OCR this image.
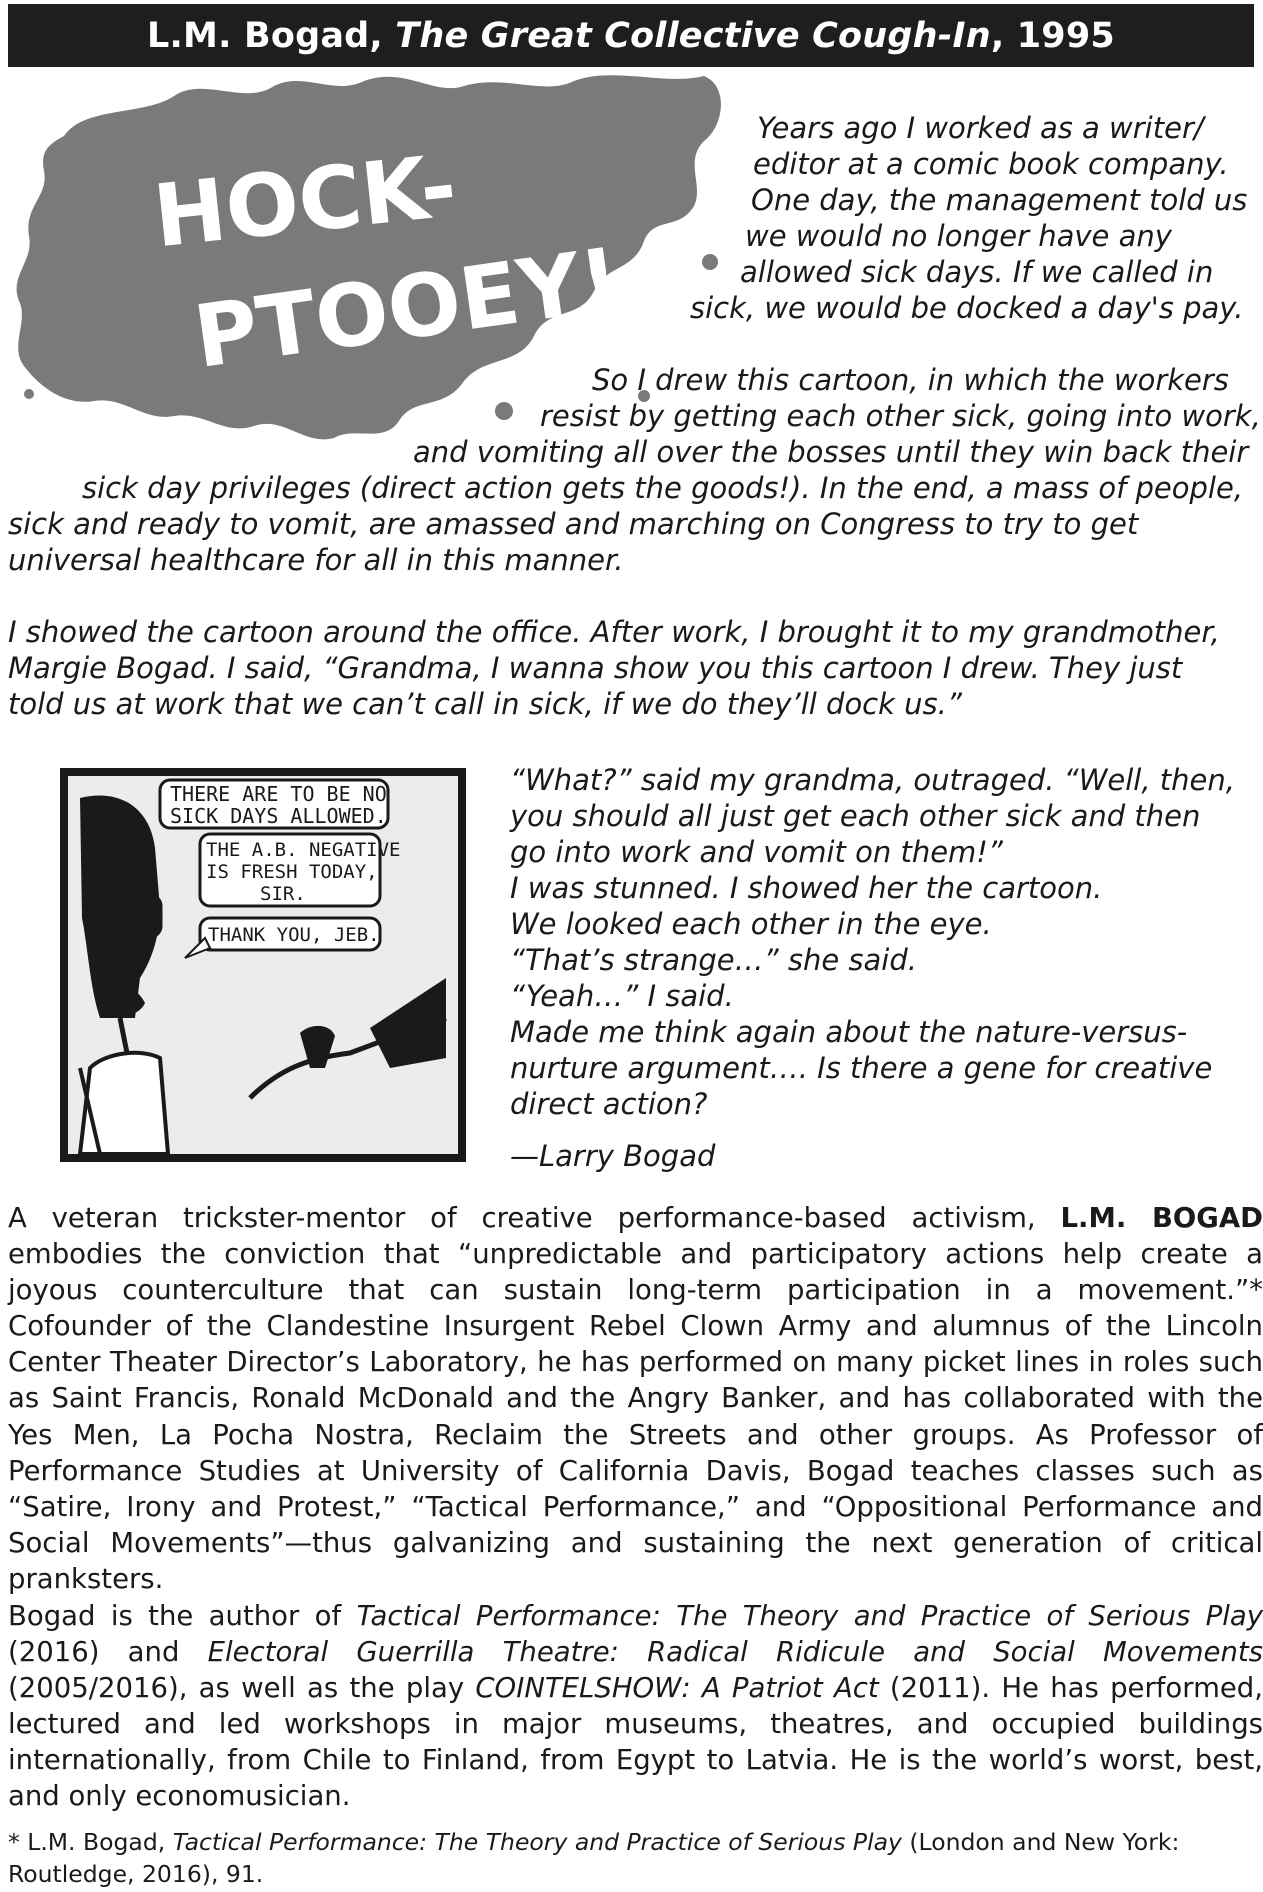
L.M. Bogad,
The Great Collective Cough-In , 1995
HOCK-
PTOOEY!
Years ago I worked as a writer/
editor at a comic book company.
One day, the management told us
we would no longer have any
allowed sick days. If we called in
sick, we would be docked a day's pay.
So I drew this cartoon, in which the workers
resist by getting each other sick, going into work,
and vomiting all over the bosses until they win back their
sick day privileges (direct action gets the goods!). In the end, a mass of people,
sick and ready to vomit, are amassed and marching on Congress to try to get
universal healthcare for all in this manner.
I showed the cartoon around the office. After work, I brought it to my grandmother,
Margie Bogad. I said, “Grandma, I wanna show you this cartoon I drew. They just
told us at work that we can’t call in sick, if we do they’ll dock us.”
THERE ARE TO BE NO
SICK DAYS ALLOWED.
THE A.B. NEGATIVE
IS FRESH TODAY,
SIR.
THANK YOU, JEB.
“What?” said my grandma, outraged. “Well, then,
you should all just get each other sick and then
go into work and vomit on them!”
I was stunned. I showed her the cartoon.
We looked each other in the eye.
“That’s strange…” she said.
“Yeah…” I said.
Made me think again about the nature-versus-
nurture argument…. Is there a gene for creative
direct action?
—Larry Bogad
A veteran trickster-mentor of creative performance-based activism, L.M. BOGAD embodies the conviction that “unpredictable and participatory actions help create a joyous counterculture that can sustain long-term participation in a movement.”* Cofounder of the Clandestine Insurgent Rebel Clown Army and alumnus of the Lincoln Center Theater Director’s Laboratory, he has performed on many picket lines in roles such as Saint Francis, Ronald McDonald and the Angry Banker, and has collaborated with the Yes Men, La Pocha Nostra, Reclaim the Streets and other groups. As Professor of Performance Studies at University of California Davis, Bogad teaches classes such as “Satire, Irony and Protest,” “Tactical Performance,” and “Oppositional Performance and Social Movements”—thus galvanizing and sustaining the next generation of critical pranksters.
Bogad is the author of Tactical Performance: The Theory and Practice of Serious Play (2016) and Electoral Guerrilla Theatre: Radical Ridicule and Social Movements (2005/2016), as well as the play COINTELSHOW: A Patriot Act (2011). He has performed, lectured and led workshops in major museums, theatres, and occupied buildings internationally, from Chile to Finland, from Egypt to Latvia. He is the world’s worst, best, and only economusician.
* L.M. Bogad, Tactical Performance: The Theory and Practice of Serious Play (London and New York: Routledge, 2016), 91.
